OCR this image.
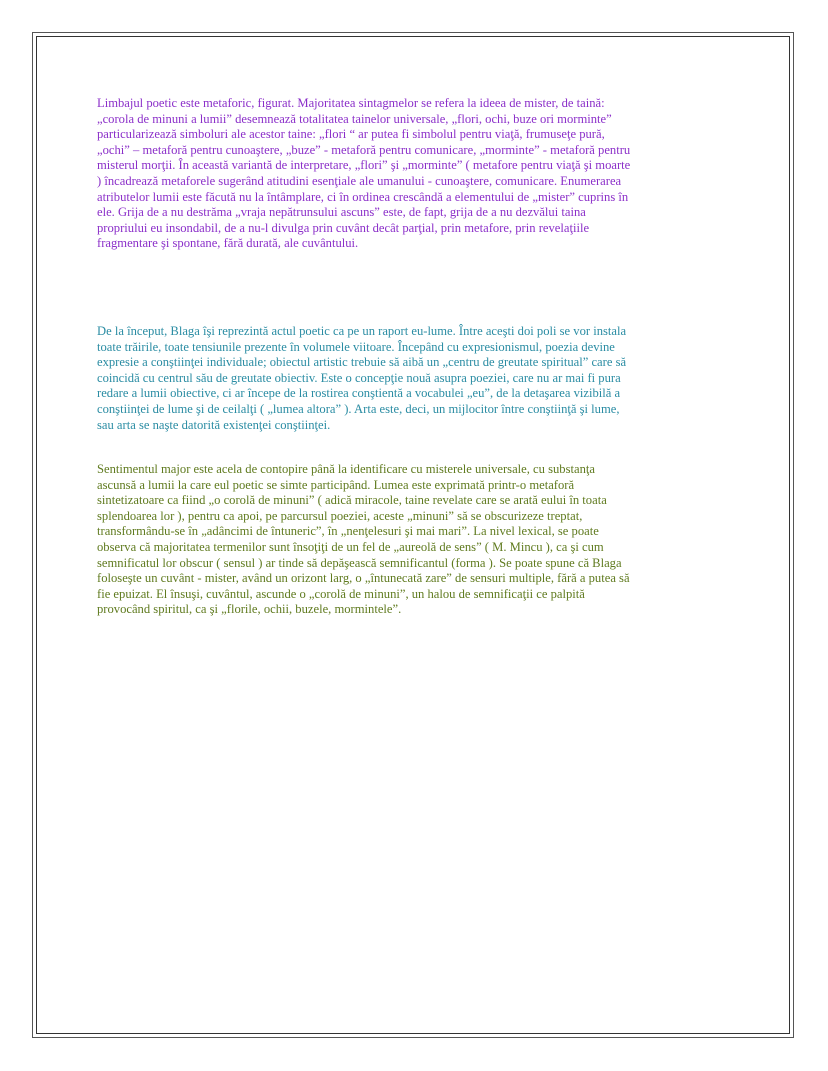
Limbajul poetic este metaforic, figurat. Majoritatea sintagmelor se refera la ideea de mister, de taină:
„corola de minuni a lumii” desemnează totalitatea tainelor universale, „flori, ochi, buze ori morminte”
particularizează simboluri ale acestor taine: „flori “ ar putea fi simbolul pentru viaţă, frumuseţe pură,
„ochi” – metaforă pentru cunoaştere, „buze” - metaforă pentru comunicare, „morminte” - metaforă pentru
misterul morţii. În această variantă de interpretare, „flori” şi „morminte” ( metafore pentru viaţă şi moarte
) încadrează metaforele sugerând atitudini esenţiale ale umanului - cunoaştere, comunicare. Enumerarea
atributelor lumii este făcută nu la întâmplare, ci în ordinea crescândă a elementului de „mister” cuprins în
ele. Grija de a nu destrăma „vraja nepătrunsului ascuns” este, de fapt, grija de a nu dezvălui taina
propriului eu insondabil, de a nu-l divulga prin cuvânt decât parţial, prin metafore, prin revelaţiile
fragmentare şi spontane, fără durată, ale cuvântului.
De la început, Blaga îşi reprezintă actul poetic ca pe un raport eu-lume. Între aceşti doi poli se vor instala
toate trăirile, toate tensiunile prezente în volumele viitoare. Începând cu expresionismul, poezia devine
expresie a conştiinţei individuale; obiectul artistic trebuie să aibă un „centru de greutate spiritual” care să
coincidă cu centrul său de greutate obiectiv. Este o concepţie nouă asupra poeziei, care nu ar mai fi pura
redare a lumii obiective, ci ar începe de la rostirea conştientă a vocabulei „eu”, de la detaşarea vizibilă a
conştiinţei de lume şi de ceilalţi ( „lumea altora” ). Arta este, deci, un mijlocitor între conştiinţă şi lume,
sau arta se naşte datorită existenţei conştiinţei.
Sentimentul major este acela de contopire până la identificare cu misterele universale, cu substanţa
ascunsă a lumii la care eul poetic se simte participând. Lumea este exprimată printr-o metaforă
sintetizatoare ca fiind „o corolă de minuni” ( adică miracole, taine revelate care se arată eului în toata
splendoarea lor ), pentru ca apoi, pe parcursul poeziei, aceste „minuni” să se obscurizeze treptat,
transformându-se în „adâncimi de întuneric”, în „nenţelesuri şi mai mari”. La nivel lexical, se poate
observa că majoritatea termenilor sunt însoţiţi de un fel de „aureolă de sens” ( M. Mincu ), ca şi cum
semnificatul lor obscur ( sensul ) ar tinde să depăşească semnificantul (forma ). Se poate spune că Blaga
foloseşte un cuvânt - mister, având un orizont larg, o „întunecată zare” de sensuri multiple, fără a putea să
fie epuizat. El însuşi, cuvântul, ascunde o „corolă de minuni”, un halou de semnificaţii ce palpită
provocând spiritul, ca şi „florile, ochii, buzele, mormintele”.
